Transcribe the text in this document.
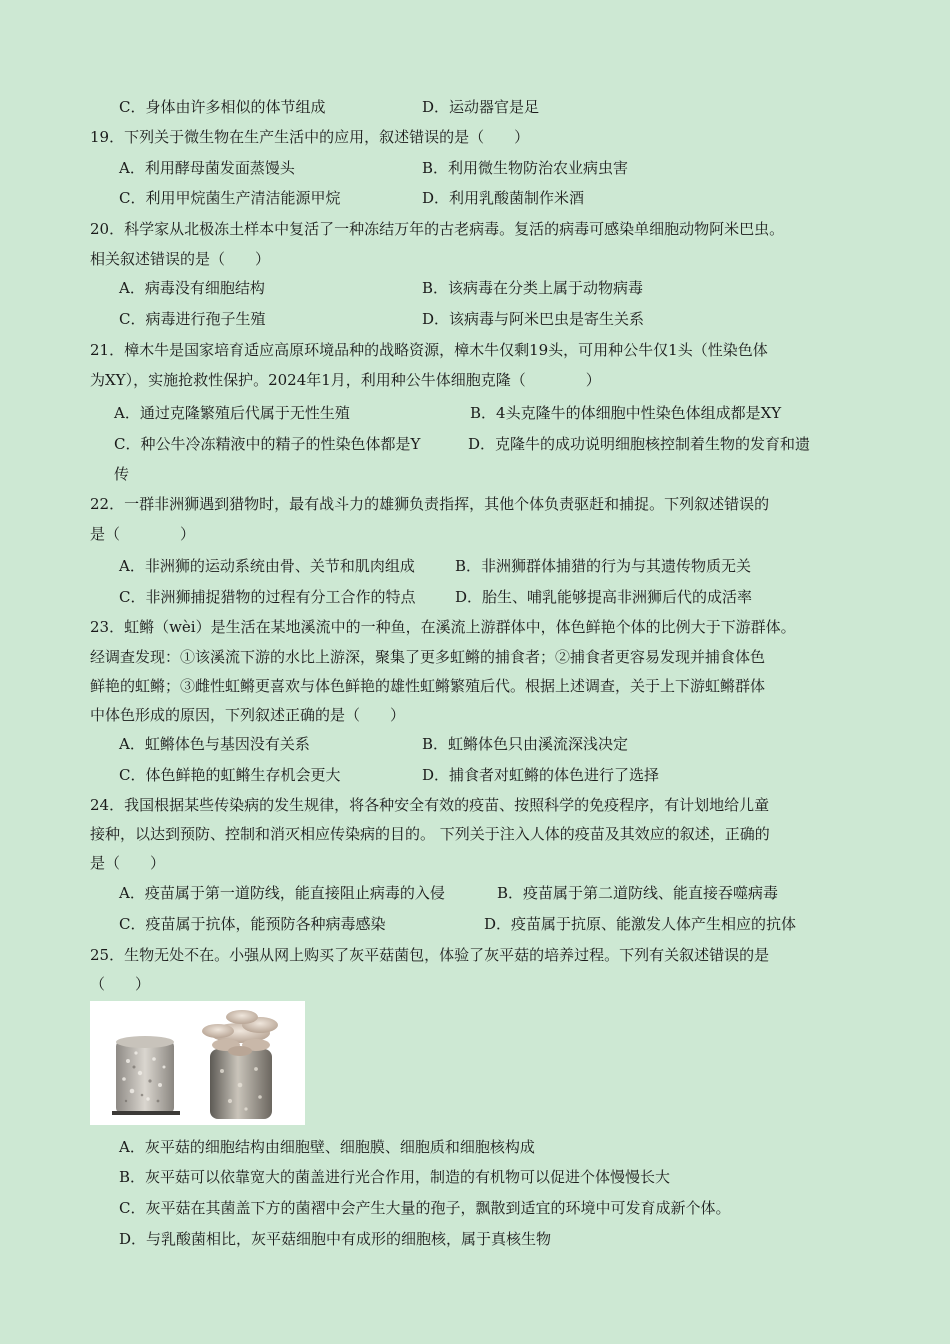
C．身体由许多相似的体节组成	D．运动器官是足
19．下列关于微生物在生产生活中的应用，叙述错误的是（　　）
A．利用酵母菌发面蒸馒头	B．利用微生物防治农业病虫害
C．利用甲烷菌生产清洁能源甲烷	D．利用乳酸菌制作米酒
20．科学家从北极冻土样本中复活了一种冻结万年的古老病毒。复活的病毒可感染单细胞动物阿米巴虫。
相关叙述错误的是（　　）
A．病毒没有细胞结构	B．该病毒在分类上属于动物病毒
C．病毒进行孢子生殖	D．该病毒与阿米巴虫是寄生关系
21．樟木牛是国家培育适应高原环境品种的战略资源，樟木牛仅剩19头，可用种公牛仅1头（性染色体
为XY），实施抢救性保护。2024年1月，利用种公牛体细胞克隆（　　　　）
A．通过克隆繁殖后代属于无性生殖	B．4头克隆牛的体细胞中性染色体组成都是XY
C．种公牛冷冻精液中的精子的性染色体都是Y	D．克隆牛的成功说明细胞核控制着生物的发育和遗
传
22．一群非洲狮遇到猎物时，最有战斗力的雄狮负责指挥，其他个体负责驱赶和捕捉。下列叙述错误的
是（　　　　）
A．非洲狮的运动系统由骨、关节和肌肉组成	B．非洲狮群体捕猎的行为与其遗传物质无关
C．非洲狮捕捉猎物的过程有分工合作的特点	D．胎生、哺乳能够提高非洲狮后代的成活率
23．虹鳉（wèi）是生活在某地溪流中的一种鱼，在溪流上游群体中，体色鲜艳个体的比例大于下游群体。
经调查发现：①该溪流下游的水比上游深，聚集了更多虹鳉的捕食者；②捕食者更容易发现并捕食体色
鲜艳的虹鳉；③雌性虹鳉更喜欢与体色鲜艳的雄性虹鳉繁殖后代。根据上述调查，关于上下游虹鳉群体
中体色形成的原因，下列叙述正确的是（　　）
A．虹鳉体色与基因没有关系	B．虹鳉体色只由溪流深浅决定
C．体色鲜艳的虹鳉生存机会更大	D．捕食者对虹鳉的体色进行了选择
24．我国根据某些传染病的发生规律，将各种安全有效的疫苗、按照科学的免疫程序，有计划地给儿童
接种，以达到预防、控制和消灭相应传染病的目的。 下列关于注入人体的疫苗及其效应的叙述，正确的
是（　　）
A．疫苗属于第一道防线，能直接阻止病毒的入侵	B．疫苗属于第二道防线、能直接吞噬病毒
C．疫苗属于抗体，能预防各种病毒感染	D．疫苗属于抗原、能激发人体产生相应的抗体
25．生物无处不在。小强从网上购买了灰平菇菌包，体验了灰平菇的培养过程。下列有关叙述错误的是
（　　）
A．灰平菇的细胞结构由细胞壁、细胞膜、细胞质和细胞核构成
B．灰平菇可以依靠宽大的菌盖进行光合作用，制造的有机物可以促进个体慢慢长大
C．灰平菇在其菌盖下方的菌褶中会产生大量的孢子，飘散到适宜的环境中可发育成新个体。
D．与乳酸菌相比，灰平菇细胞中有成形的细胞核，属于真核生物
